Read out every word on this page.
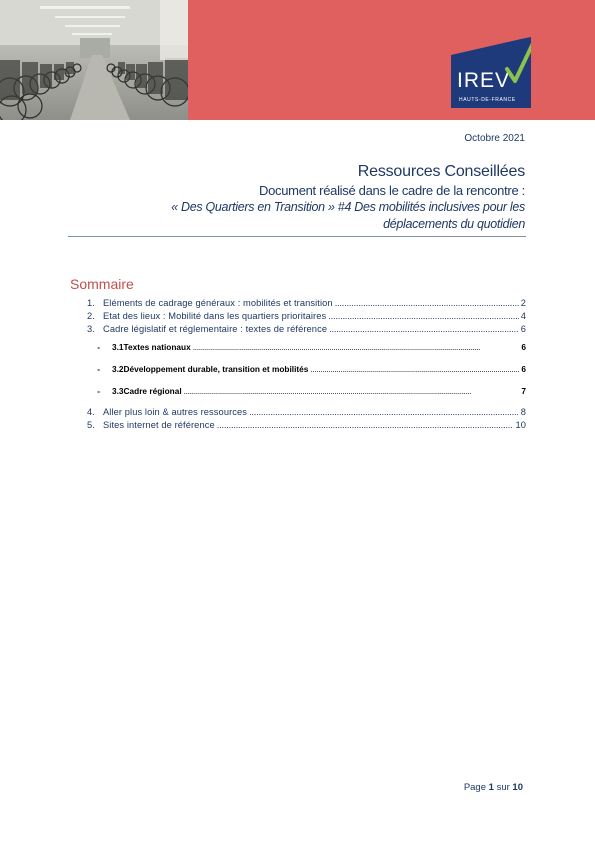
IREV
HAUTS-DE-FRANCE
Octobre 2021

Ressources Conseillées

Document réalisé dans le cadre de la rencontre :

« Des Quartiers en Transition » #4 Des mobilités inclusives pour les

déplacements du quotidien

Sommaire
1. Eléments de cadrage généraux : mobilités et transition . . .	2
2. Etat des lieux : Mobilité dans les quartiers prioritaires . . .	4
3. Cadre législatif et réglementaire : textes de référence . . .	6
-	3.1Textes nationaux . . .	6
-	3.2Développement durable, transition et mobilités . . .	6
-	3.3Cadre régional . . .	7
4. Aller plus loin & autres ressources . . .	8
5. Sites internet de référence . . .	10
Page 1 sur 10
